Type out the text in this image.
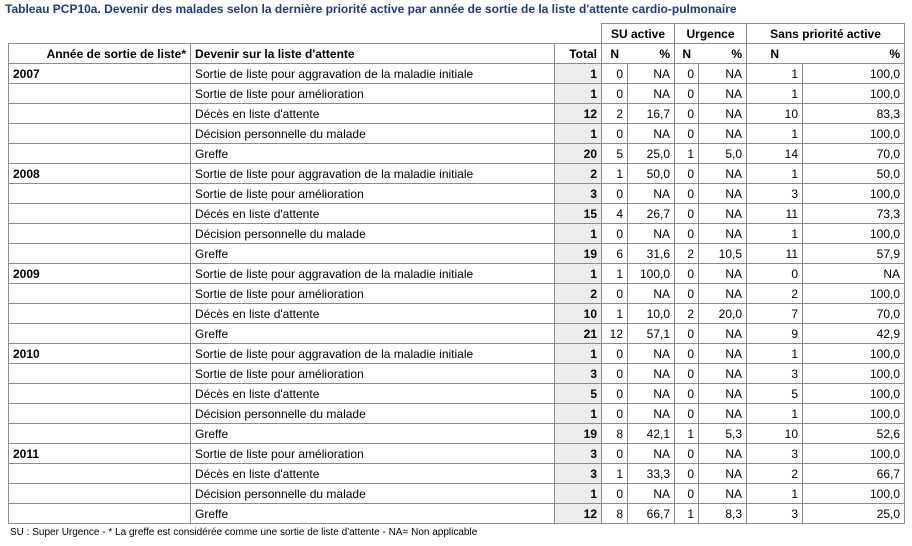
Tableau PCP10a. Devenir des malades selon la dernière priorité active par année de sortie de la liste d'attente cardio-pulmonaire
			SU active		Urgence		Sans priorité active	
Année de sortie de liste*	Devenir sur la liste d'attente	Total	N	%	N	%	N	%
2007	Sortie de liste pour aggravation de la maladie initiale	1	0	NA	0	NA	1	100,0
	Sortie de liste pour amélioration	1	0	NA	0	NA	1	100,0
	Décès en liste d'attente	12	2	16,7	0	NA	10	83,3
	Décision personnelle du malade	1	0	NA	0	NA	1	100,0
	Greffe	20	5	25,0	1	5,0	14	70,0
2008	Sortie de liste pour aggravation de la maladie initiale	2	1	50,0	0	NA	1	50,0
	Sortie de liste pour amélioration	3	0	NA	0	NA	3	100,0
	Décès en liste d'attente	15	4	26,7	0	NA	11	73,3
	Décision personnelle du malade	1	0	NA	0	NA	1	100,0
	Greffe	19	6	31,6	2	10,5	11	57,9
2009	Sortie de liste pour aggravation de la maladie initiale	1	1	100,0	0	NA	0	NA
	Sortie de liste pour amélioration	2	0	NA	0	NA	2	100,0
	Décès en liste d'attente	10	1	10,0	2	20,0	7	70,0
	Greffe	21	12	57,1	0	NA	9	42,9
2010	Sortie de liste pour aggravation de la maladie initiale	1	0	NA	0	NA	1	100,0
	Sortie de liste pour amélioration	3	0	NA	0	NA	3	100,0
	Décès en liste d'attente	5	0	NA	0	NA	5	100,0
	Décision personnelle du malade	1	0	NA	0	NA	1	100,0
	Greffe	19	8	42,1	1	5,3	10	52,6
2011	Sortie de liste pour amélioration	3	0	NA	0	NA	3	100,0
	Décès en liste d'attente	3	1	33,3	0	NA	2	66,7
	Décision personnelle du malade	1	0	NA	0	NA	1	100,0
	Greffe	12	8	66,7	1	8,3	3	25,0
SU : Super Urgence - * La greffe est considérée comme une sortie de liste d'attente - NA= Non applicable
